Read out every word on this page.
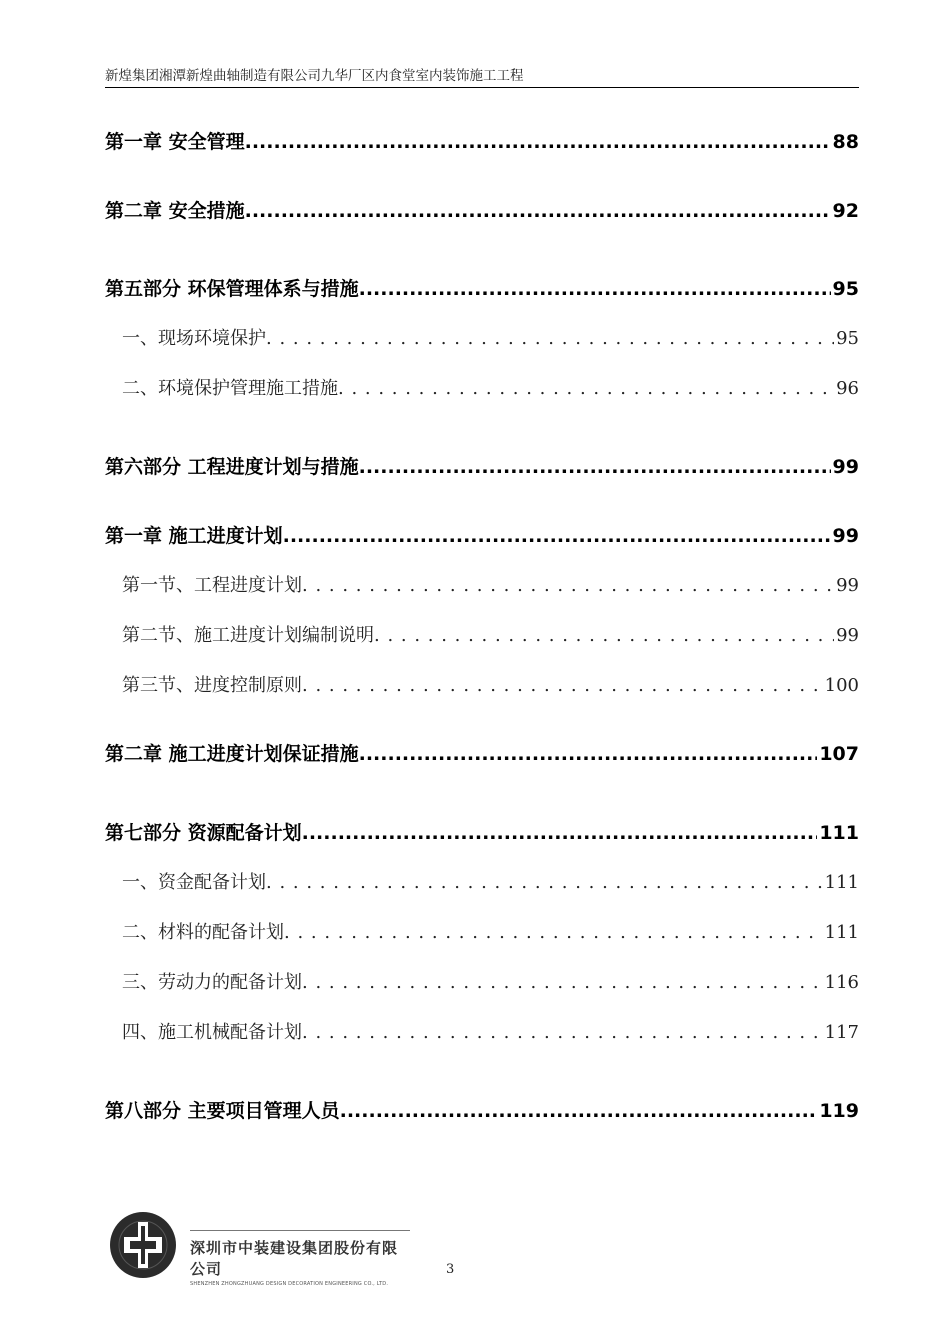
新煌集团湘潭新煌曲轴制造有限公司九华厂区内食堂室内装饰施工工程
第一章 安全管理 .....	88
第二章 安全措施 .....	92
第五部分 环保管理体系与措施 .....	95
一、现场环境保护 . . .	95
二、环境保护管理施工措施 . . .	96
第六部分 工程进度计划与措施 .....	99
第一章 施工进度计划 .....	99
第一节、工程进度计划 . . .	99
第二节、施工进度计划编制说明 . . .	99
第三节、进度控制原则 . . .	100
第二章 施工进度计划保证措施 .....	107
第七部分 资源配备计划 .....	111
一、资金配备计划 . . .	111
二、材料的配备计划 . . .	111
三、劳动力的配备计划 . . .	116
四、施工机械配备计划 . . .	117
第八部分 主要项目管理人员 .....	119
深圳市中装建设集团股份有限公司
SHENZHEN ZHONGZHUANG DESIGN DECORATION ENGINEERING CO., LTD.
3
